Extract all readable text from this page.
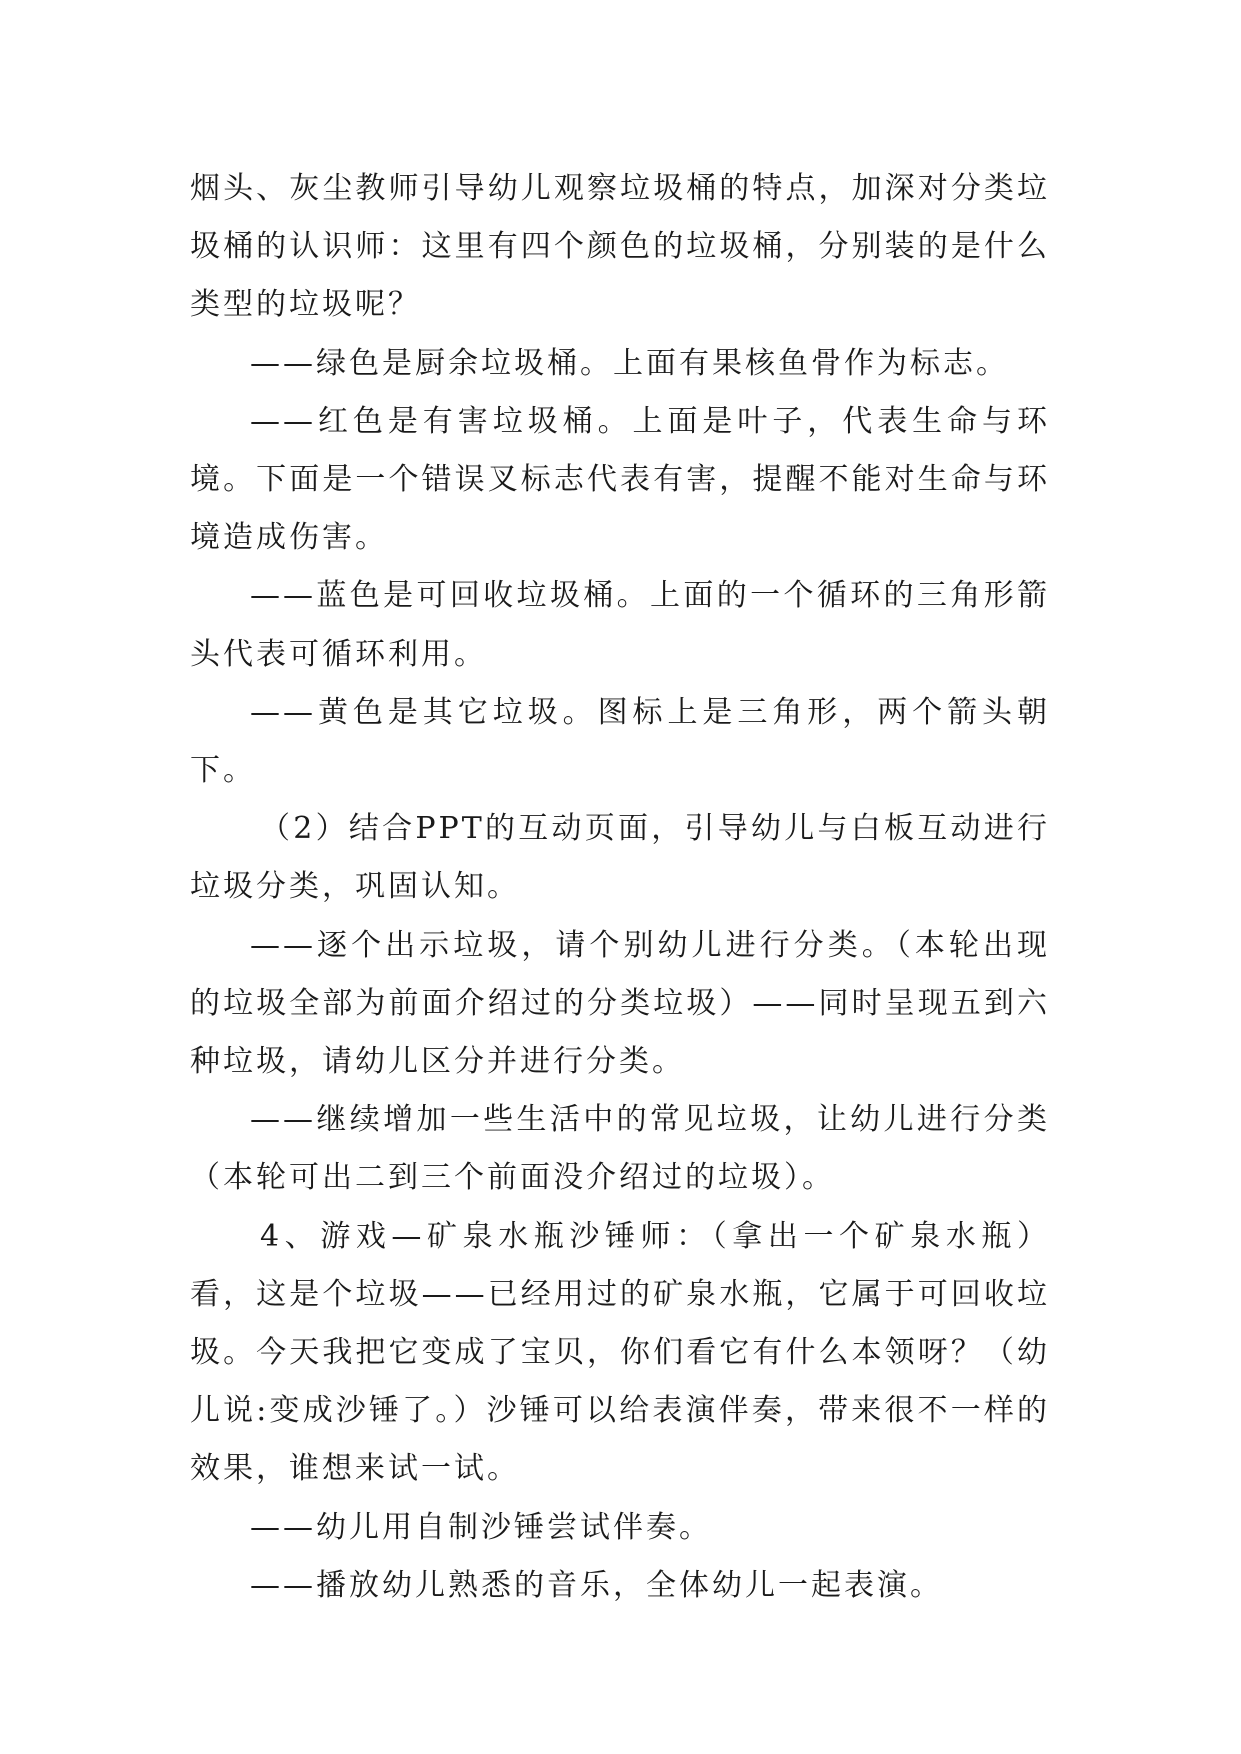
烟头、灰尘教师引导幼儿观察垃圾桶的特点，加深对分类垃圾桶的认识师：这里有四个颜色的垃圾桶，分别装的是什么类型的垃圾呢？

——绿色是厨余垃圾桶。上面有果核鱼骨作为标志。

——红色是有害垃圾桶。上面是叶子，代表生命与环境。下面是一个错误叉标志代表有害，提醒不能对生命与环境造成伤害。

——蓝色是可回收垃圾桶。上面的一个循环的三角形箭头代表可循环利用。

——黄色是其它垃圾。图标上是三角形，两个箭头朝下。

（2）结合PPT的互动页面，引导幼儿与白板互动进行垃圾分类，巩固认知。

——逐个出示垃圾，请个别幼儿进行分类。（本轮出现的垃圾全部为前面介绍过的分类垃圾）——同时呈现五到六种垃圾，请幼儿区分并进行分类。

——继续增加一些生活中的常见垃圾，让幼儿进行分类（本轮可出二到三个前面没介绍过的垃圾）。

4、游戏—矿泉水瓶沙锤师：（拿出一个矿泉水瓶）看，这是个垃圾——已经用过的矿泉水瓶，它属于可回收垃圾。今天我把它变成了宝贝，你们看它有什么本领呀？（幼儿说:变成沙锤了。）沙锤可以给表演伴奏，带来很不一样的效果，谁想来试一试。

——幼儿用自制沙锤尝试伴奏。

——播放幼儿熟悉的音乐，全体幼儿一起表演。
